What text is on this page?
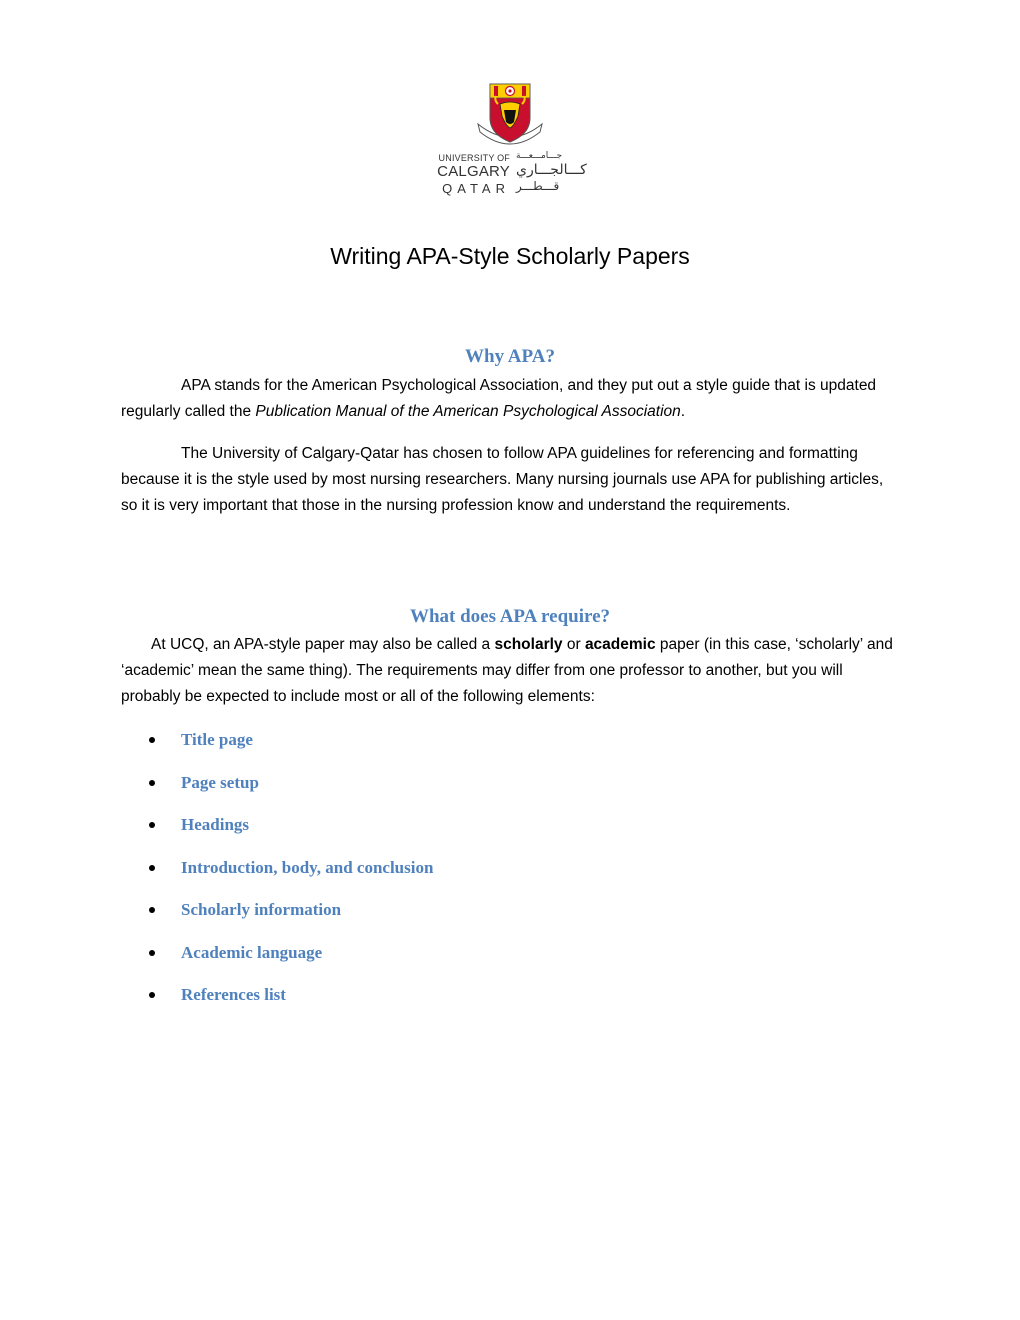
UNIVERSITY OF
CALGARY
QATAR
جـــامـــعـــة
كـــالجـــاري
قـــطـــر
Writing APA-Style Scholarly Papers
Why APA?

APA stands for the American Psychological Association, and they put out a style guide that is updated regularly called the Publication Manual of the American Psychological Association.

The University of Calgary-Qatar has chosen to follow APA guidelines for referencing and formatting because it is the style used by most nursing researchers. Many nursing journals use APA for publishing articles, so it is very important that those in the nursing profession know and understand the requirements.

What does APA require?

At UCQ, an APA-style paper may also be called a scholarly or academic paper (in this case, ‘scholarly’ and ‘academic’ mean the same thing). The requirements may differ from one professor to another, but you will probably be expected to include most or all of the following elements:

Title page
Page setup
Headings
Introduction, body, and conclusion
Scholarly information
Academic language
References list
